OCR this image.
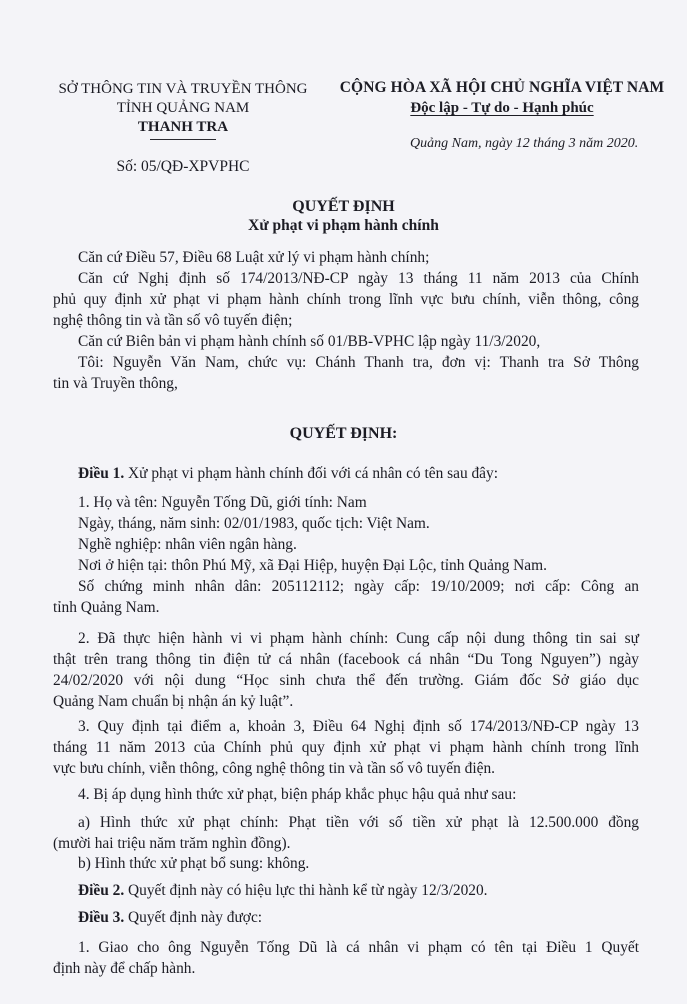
SỞ THÔNG TIN VÀ TRUYỀN THÔNG
TỈNH QUẢNG NAM
THANH TRA
Số: 05/QĐ-XPVPHC
CỘNG HÒA XÃ HỘI CHỦ NGHĨA VIỆT NAM
Độc lập - Tự do - Hạnh phúc
Quảng Nam, ngày 12 tháng 3 năm 2020.
QUYẾT ĐỊNH
Xử phạt vi phạm hành chính
Căn cứ Điều 57, Điều 68 Luật xử lý vi phạm hành chính;
Căn cứ Nghị định số 174/2013/NĐ-CP ngày 13 tháng 11 năm 2013 của Chính
phủ quy định xử phạt vi phạm hành chính trong lĩnh vực bưu chính, viễn thông, công
nghệ thông tin và tần số vô tuyến điện;
Căn cứ Biên bản vi phạm hành chính số 01/BB-VPHC lập ngày 11/3/2020,
Tôi: Nguyễn Văn Nam, chức vụ: Chánh Thanh tra, đơn vị: Thanh tra Sở Thông
tin và Truyền thông,
QUYẾT ĐỊNH:
Điều 1. Xử phạt vi phạm hành chính đối với cá nhân có tên sau đây:
1. Họ và tên: Nguyễn Tống Dũ, giới tính: Nam
Ngày, tháng, năm sinh: 02/01/1983, quốc tịch: Việt Nam.
Nghề nghiệp: nhân viên ngân hàng.
Nơi ở hiện tại: thôn Phú Mỹ, xã Đại Hiệp, huyện Đại Lộc, tỉnh Quảng Nam.
Số chứng minh nhân dân: 205112112; ngày cấp: 19/10/2009; nơi cấp: Công an
tỉnh Quảng Nam.
2. Đã thực hiện hành vi vi phạm hành chính: Cung cấp nội dung thông tin sai sự
thật trên trang thông tin điện tử cá nhân (facebook cá nhân “Du Tong Nguyen”) ngày
24/02/2020 với nội dung “Học sinh chưa thể đến trường. Giám đốc Sở giáo dục
Quảng Nam chuẩn bị nhận án kỷ luật”.
3. Quy định tại điểm a, khoản 3, Điều 64 Nghị định số 174/2013/NĐ-CP ngày 13
tháng 11 năm 2013 của Chính phủ quy định xử phạt vi phạm hành chính trong lĩnh
vực bưu chính, viễn thông, công nghệ thông tin và tần số vô tuyến điện.
4. Bị áp dụng hình thức xử phạt, biện pháp khắc phục hậu quả như sau:
a) Hình thức xử phạt chính: Phạt tiền với số tiền xử phạt là 12.500.000 đồng
(mười hai triệu năm trăm nghìn đồng).
b) Hình thức xử phạt bổ sung: không.
Điều 2. Quyết định này có hiệu lực thi hành kể từ ngày 12/3/2020.
Điều 3. Quyết định này được:
1. Giao cho ông Nguyễn Tống Dũ là cá nhân vi phạm có tên tại Điều 1 Quyết
định này để chấp hành.
